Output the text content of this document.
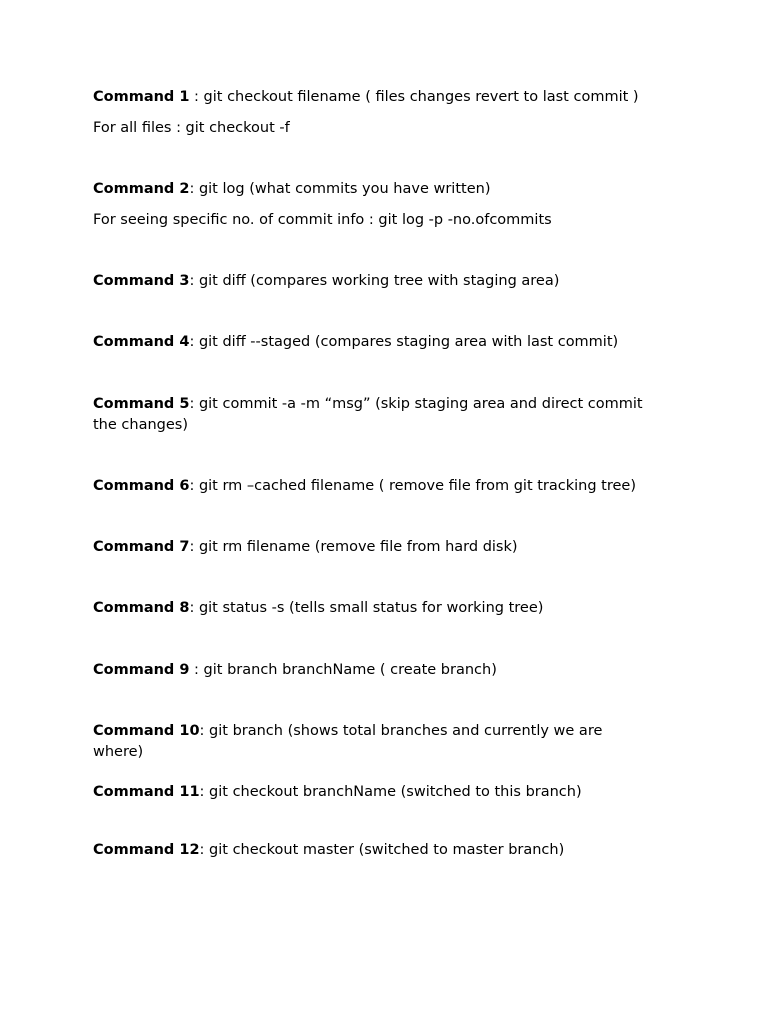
Command 1 : git checkout filename ( files changes revert to last commit )
For all files : git checkout -f
Command 2: git log (what commits you have written)
For seeing specific no. of commit info : git log -p -no.ofcommits
Command 3: git diff (compares working tree with staging area)
Command 4: git diff --staged (compares staging area with last commit)
Command 5: git commit -a -m “msg” (skip staging area and direct commit the changes)
Command 6: git rm –cached filename ( remove file from git tracking tree)
Command 7: git rm filename (remove file from hard disk)
Command 8: git status -s (tells small status for working tree)
Command 9 : git branch branchName ( create branch)
Command 10: git branch (shows total branches and currently we are where)
Command 11: git checkout branchName (switched to this branch)
Command 12: git checkout master (switched to master branch)
